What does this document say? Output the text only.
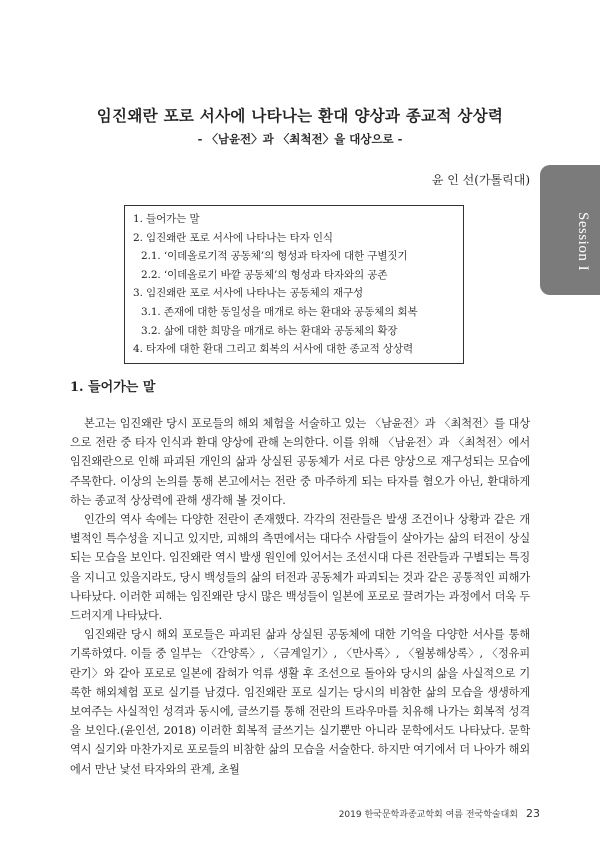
임진왜란 포로 서사에 나타나는 환대 양상과 종교적 상상력
- 〈남윤전〉과 〈최척전〉을 대상으로 -
윤 인 선(가톨릭대)
Session I
1. 들어가는 말
2. 임진왜란 포로 서사에 나타나는 타자 인식
2.1. ‘이데올로기적 공동체’의 형성과 타자에 대한 구별짓기
2.2. ‘이데올로기 바깥 공동체’의 형성과 타자와의 공존
3. 임진왜란 포로 서사에 나타나는 공동체의 재구성
3.1. 존재에 대한 동일성을 매개로 하는 환대와 공동체의 회복
3.2. 삶에 대한 희망을 매개로 하는 환대와 공동체의 확장
4. 타자에 대한 환대 그리고 회복의 서사에 대한 종교적 상상력
1. 들어가는 말

본고는 임진왜란 당시 포로들의 해외 체험을 서술하고 있는 〈남윤전〉과 〈최척전〉를 대상으로 전란 중 타자 인식과 환대 양상에 관해 논의한다. 이를 위해 〈남윤전〉과 〈최척전〉에서 임진왜란으로 인해 파괴된 개인의 삶과 상실된 공동체가 서로 다른 양상으로 재구성되는 모습에 주목한다. 이상의 논의를 통해 본고에서는 전란 중 마주하게 되는 타자를 혐오가 아닌, 환대하게 하는 종교적 상상력에 관해 생각해 볼 것이다.

인간의 역사 속에는 다양한 전란이 존재했다. 각각의 전란들은 발생 조건이나 상황과 같은 개별적인 특수성을 지니고 있지만, 피해의 측면에서는 대다수 사람들이 살아가는 삶의 터전이 상실되는 모습을 보인다. 임진왜란 역시 발생 원인에 있어서는 조선시대 다른 전란들과 구별되는 특징을 지니고 있을지라도, 당시 백성들의 삶의 터전과 공동체가 파괴되는 것과 같은 공통적인 피해가 나타났다. 이러한 피해는 임진왜란 당시 많은 백성들이 일본에 포로로 끌려가는 과정에서 더욱 두드러지게 나타났다.

임진왜란 당시 해외 포로들은 파괴된 삶과 상실된 공동체에 대한 기억을 다양한 서사를 통해 기록하였다. 이들 중 일부는 〈간양록〉, 〈금계일기〉, 〈만사록〉, 〈월봉해상록〉, 〈정유피란기〉와 같아 포로로 일본에 잡혀가 억류 생활 후 조선으로 돌아와 당시의 삶을 사실적으로 기록한 해외체험 포로 실기를 남겼다. 임진왜란 포로 실기는 당시의 비참한 삶의 모습을 생생하게 보여주는 사실적인 성격과 동시에, 글쓰기를 통해 전란의 트라우마를 치유해 나가는 회복적 성격을 보인다.(윤인선, 2018) 이러한 회복적 글쓰기는 실기뿐만 아니라 문학에서도 나타났다. 문학 역시 실기와 마찬가지로 포로들의 비참한 삶의 모습을 서술한다. 하지만 여기에서 더 나아가 해외에서 만난 낯선 타자와의 관계, 초월

2019 한국문학과종교학회 여름 전국학술대회 23
